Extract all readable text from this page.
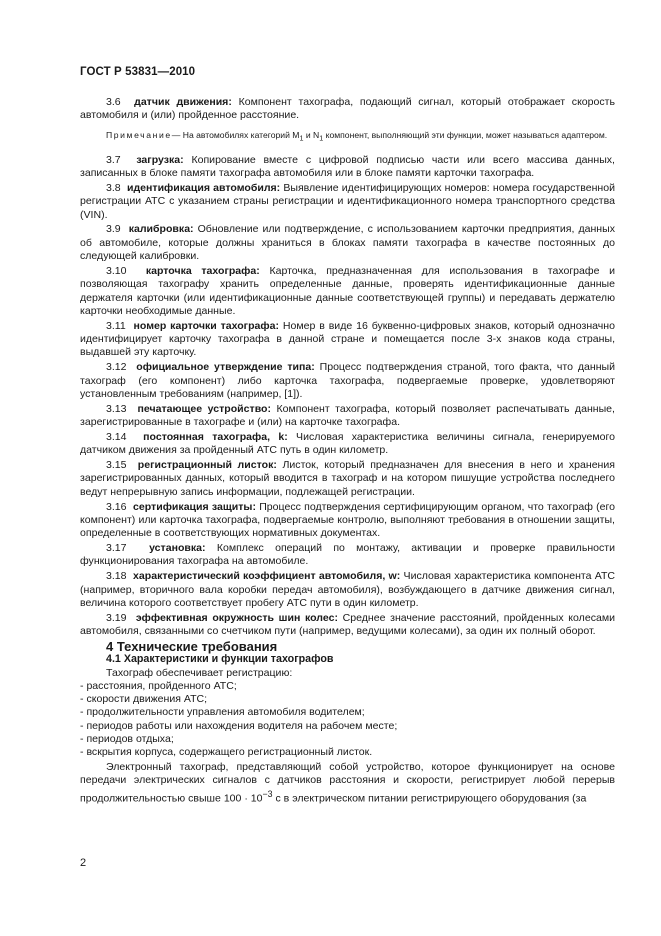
ГОСТ Р 53831—2010

3.6 датчик движения: Компонент тахографа, подающий сигнал, который отображает скорость автомобиля и (или) пройденное расстояние.

Примечание— На автомобилях категорий $M_1$ и $N_1$ компонент, выполняющий эти функции, может называться адаптером.

3.7 загрузка: Копирование вместе с цифровой подписью части или всего массива данных, записанных в блоке памяти тахографа автомобиля или в блоке памяти карточки тахографа.

3.8 идентификация автомобиля: Выявление идентифицирующих номеров: номера государственной регистрации АТС с указанием страны регистрации и идентификационного номера транспортного средства (VIN).

3.9 калибровка: Обновление или подтверждение, с использованием карточки предприятия, данных об автомобиле, которые должны храниться в блоках памяти тахографа в качестве постоянных до следующей калибровки.

3.10 карточка тахографа: Карточка, предназначенная для использования в тахографе и позволяющая тахографу хранить определенные данные, проверять идентификационные данные держателя карточки (или идентификационные данные соответствующей группы) и передавать держателю карточки необходимые данные.

3.11 номер карточки тахографа: Номер в виде 16 буквенно-цифровых знаков, который однозначно идентифицирует карточку тахографа в данной стране и помещается после 3-х знаков кода страны, выдавшей эту карточку.

3.12 официальное утверждение типа: Процесс подтверждения страной, того факта, что данный тахограф (его компонент) либо карточка тахографа, подвергаемые проверке, удовлетворяют установленным требованиям (например, [1]).

3.13 печатающее устройство: Компонент тахографа, который позволяет распечатывать данные, зарегистрированные в тахографе и (или) на карточке тахографа.

3.14 постоянная тахографа, k: Числовая характеристика величины сигнала, генерируемого датчиком движения за пройденный АТС путь в один километр.

3.15 регистрационный листок: Листок, который предназначен для внесения в него и хранения зарегистрированных данных, который вводится в тахограф и на котором пишущие устройства последнего ведут непрерывную запись информации, подлежащей регистрации.

3.16 сертификация защиты: Процесс подтверждения сертифицирующим органом, что тахограф (его компонент) или карточка тахографа, подвергаемые контролю, выполняют требования в отношении защиты, определенные в соответствующих нормативных документах.

3.17 установка: Комплекс операций по монтажу, активации и проверке правильности функционирования тахографа на автомобиле.

3.18 характеристический коэффициент автомобиля, w: Числовая характеристика компонента АТС (например, вторичного вала коробки передач автомобиля), возбуждающего в датчике движения сигнал, величина которого соответствует пробегу АТС пути в один километр.

3.19 эффективная окружность шин колес: Среднее значение расстояний, пройденных колесами автомобиля, связанными со счетчиком пути (например, ведущими колесами), за один их полный оборот.

4 Технические требования

4.1 Характеристики и функции тахографов

Тахограф обеспечивает регистрацию:

- расстояния, пройденного АТС;

- скорости движения АТС;

- продолжительности управления автомобиля водителем;

- периодов работы или нахождения водителя на рабочем месте;

- периодов отдыха;

- вскрытия корпуса, содержащего регистрационный листок.

Электронный тахограф, представляющий собой устройство, которое функционирует на основе передачи электрических сигналов с датчиков расстояния и скорости, регистрирует любой перерыв продолжительностью свыше $100 \cdot 10^{-3}$ с в электрическом питании регистрирующего оборудования (за

2
